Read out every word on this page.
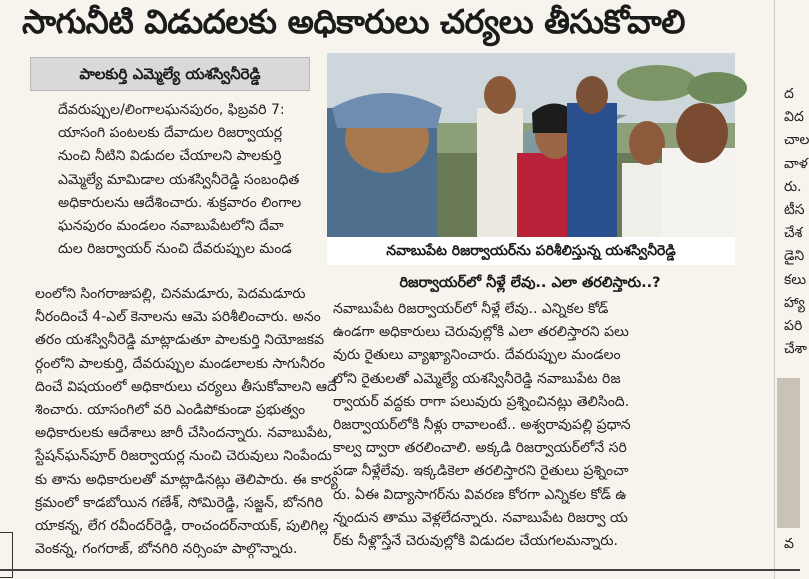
సాగునీటి విడుదలకు అధికారులు చర్యలు తీసుకోవాలి
పాలకుర్తి ఎమ్మెల్యే యశస్వినీరెడ్డి

దేవరుప్పుల/లింగాలఘనపురం, ఫిబ్రవరి 7:

యాసంగి పంటలకు దేవాదుల రిజర్వాయర్ల

నుంచి నీటిని విడుదల చేయాలని పాలకుర్తి

ఎమ్మెల్యే మామిడాల యశస్వినీరెడ్డి సంబంధిత

అధికారులను ఆదేశించారు. శుక్రవారం లింగాల

ఘనపురం మండలం నవాబుపేటలోని దేవా

దుల రిజర్వాయర్ నుంచి దేవరుప్పుల మండ	నవాబుపేట రిజర్వాయర్‌ను పరిశీలిస్తున్న యశస్వినీరెడ్డి

లంలోని సింగరాజుపల్లి, చినమడూరు, పెదమడూరు

నీరందించే 4-ఎల్ కెనాలను ఆమె పరిశీలించారు. అనం

తరం యశస్వినీరెడ్డి మాట్లాడుతూ పాలకుర్తి నియోజకవ

ర్గంలోని పాలకుర్తి, దేవరుప్పుల మండలాలకు సాగునీరం

దించే విషయంలో అధికారులు చర్యలు తీసుకోవాలని ఆదే

శించారు. యాసంగిలో వరి ఎండిపోకుండా ప్రభుత్వం

అధికారులకు ఆదేశాలు జారీ చేసిందన్నారు. నవాబుపేట,

స్టేషన్‌ఘన్‌పూర్ రిజర్వాయర్ల నుంచి చెరువులు నింపేందు

కు తాను అధికారులతో మాట్లాడినట్లు తెలిపారు. ఈ కార్య

క్రమంలో కాడబోయిన గణేశ్, సోమిరెడ్డి, సజ్జన్, బోనగిరి

యాకన్న, లేగ రవీందర్‌రెడ్డి, రాంచందర్‌నాయక్, పులిగిల్ల

వెంకన్న, గంగరాజ్, బోనగిరి నర్సింహ పాల్గొన్నారు.

రిజర్వాయర్‌లో నీళ్లే లేవు.. ఎలా తరలిస్తారు..?

నవాబుపేట రిజర్వాయర్‌లో నీళ్లే లేవు.. ఎన్నికల కోడ్

ఉండగా అధికారులు చెరువుల్లోకి ఎలా తరలిస్తారని పలు

వురు రైతులు వ్యాఖ్యానించారు. దేవరుప్పుల మండలం

లోని రైతులతో ఎమ్మెల్యే యశస్వినీరెడ్డి నవాబుపేట రిజ

ర్వాయర్ వద్దకు రాగా పలువురు ప్రశ్నించినట్లు తెలిసింది.

రిజర్వాయర్‌లోకి నీళ్లు రావాలంటే.. అశ్వరావుపల్లి ప్రధాన

కాల్వ ద్వారా తరలించాలి. అక్కడి రిజర్వాయర్‌లోనే సరి

పడా నీళ్లేలేవు. ఇక్కడికెలా తరలిస్తారని రైతులు ప్రశ్నించా

రు. ఏఈ విద్యాసాగర్‌ను వివరణ కోరగా ఎన్నికల కోడ్ ఉ

న్నందున తాము వెళ్లలేదన్నారు. నవాబుపేట రిజర్వా య

ర్‌కు నీళ్లొస్తేనే చెరువుల్లోకి విడుదల చేయగలమన్నారు.

ద

విద

చాల

వాళ

రు.

టీస

చేశ

డైని

కలు

హ్యా

పరి

చేశా

వ
